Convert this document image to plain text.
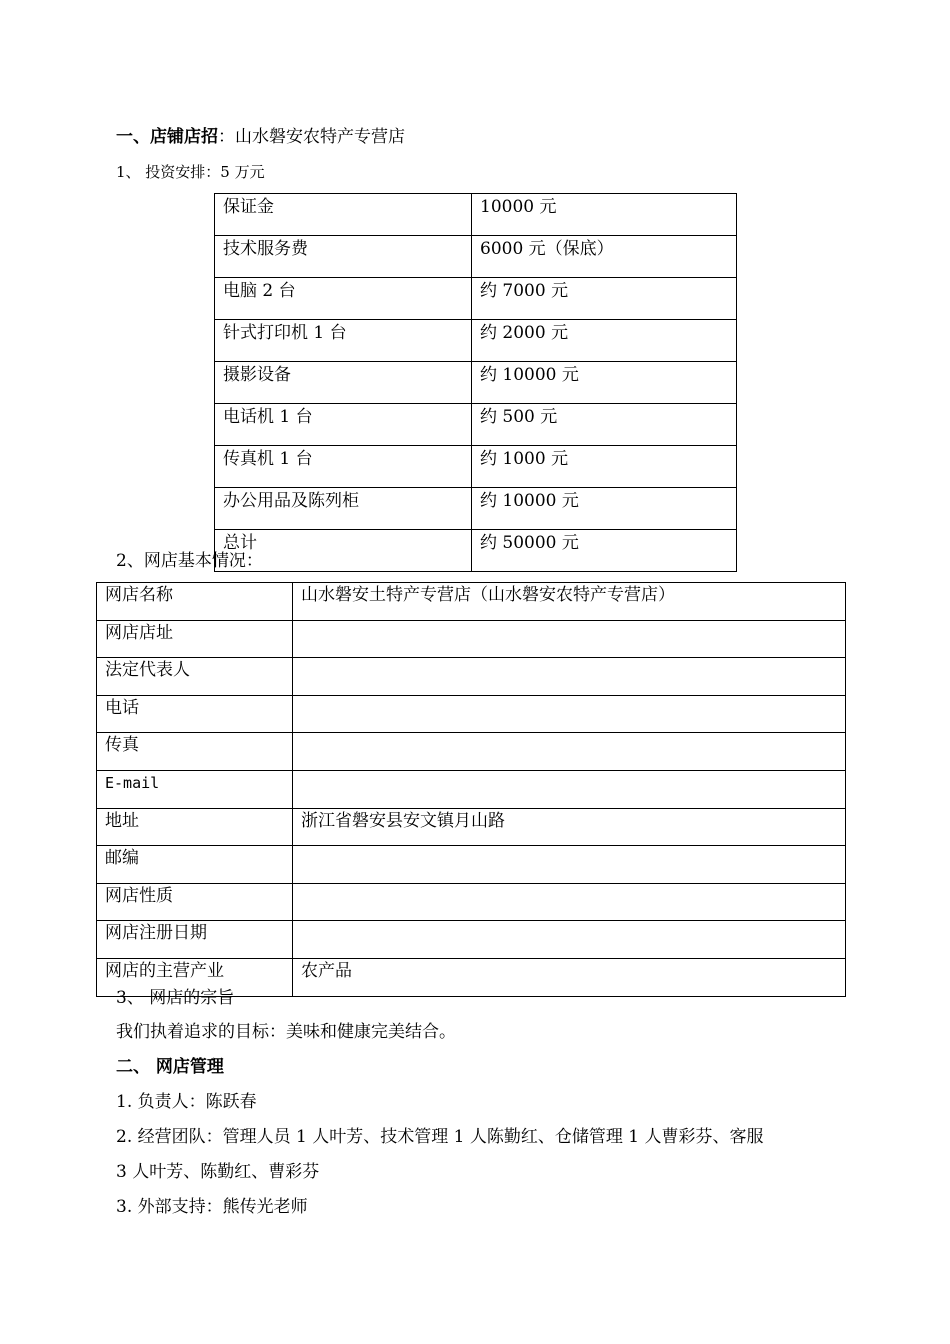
一、店铺店招：山水磐安农特产专营店
1、 投资安排：5 万元
保证金	10000 元
技术服务费	6000 元（保底）
电脑 2 台	约 7000 元
针式打印机 1 台	约 2000 元
摄影设备	约 10000 元
电话机 1 台	约 500 元
传真机 1 台	约 1000 元
办公用品及陈列柜	约 10000 元
总计	约 50000 元
2、网店基本情况：
网店名称	山水磐安土特产专营店（山水磐安农特产专营店）
网店店址	
法定代表人	
电话	
传真	
E-mail	
地址	浙江省磐安县安文镇月山路
邮编	
网店性质	
网店注册日期	
网店的主营产业	农产品
3、 网店的宗旨
我们执着追求的目标：美味和健康完美结合。
二、 网店管理
1. 负责人：陈跃春
2. 经营团队：管理人员 1 人叶芳、技术管理 1 人陈勤红、仓储管理 1 人曹彩芬、客服
3 人叶芳、陈勤红、曹彩芬
3. 外部支持：熊传光老师
